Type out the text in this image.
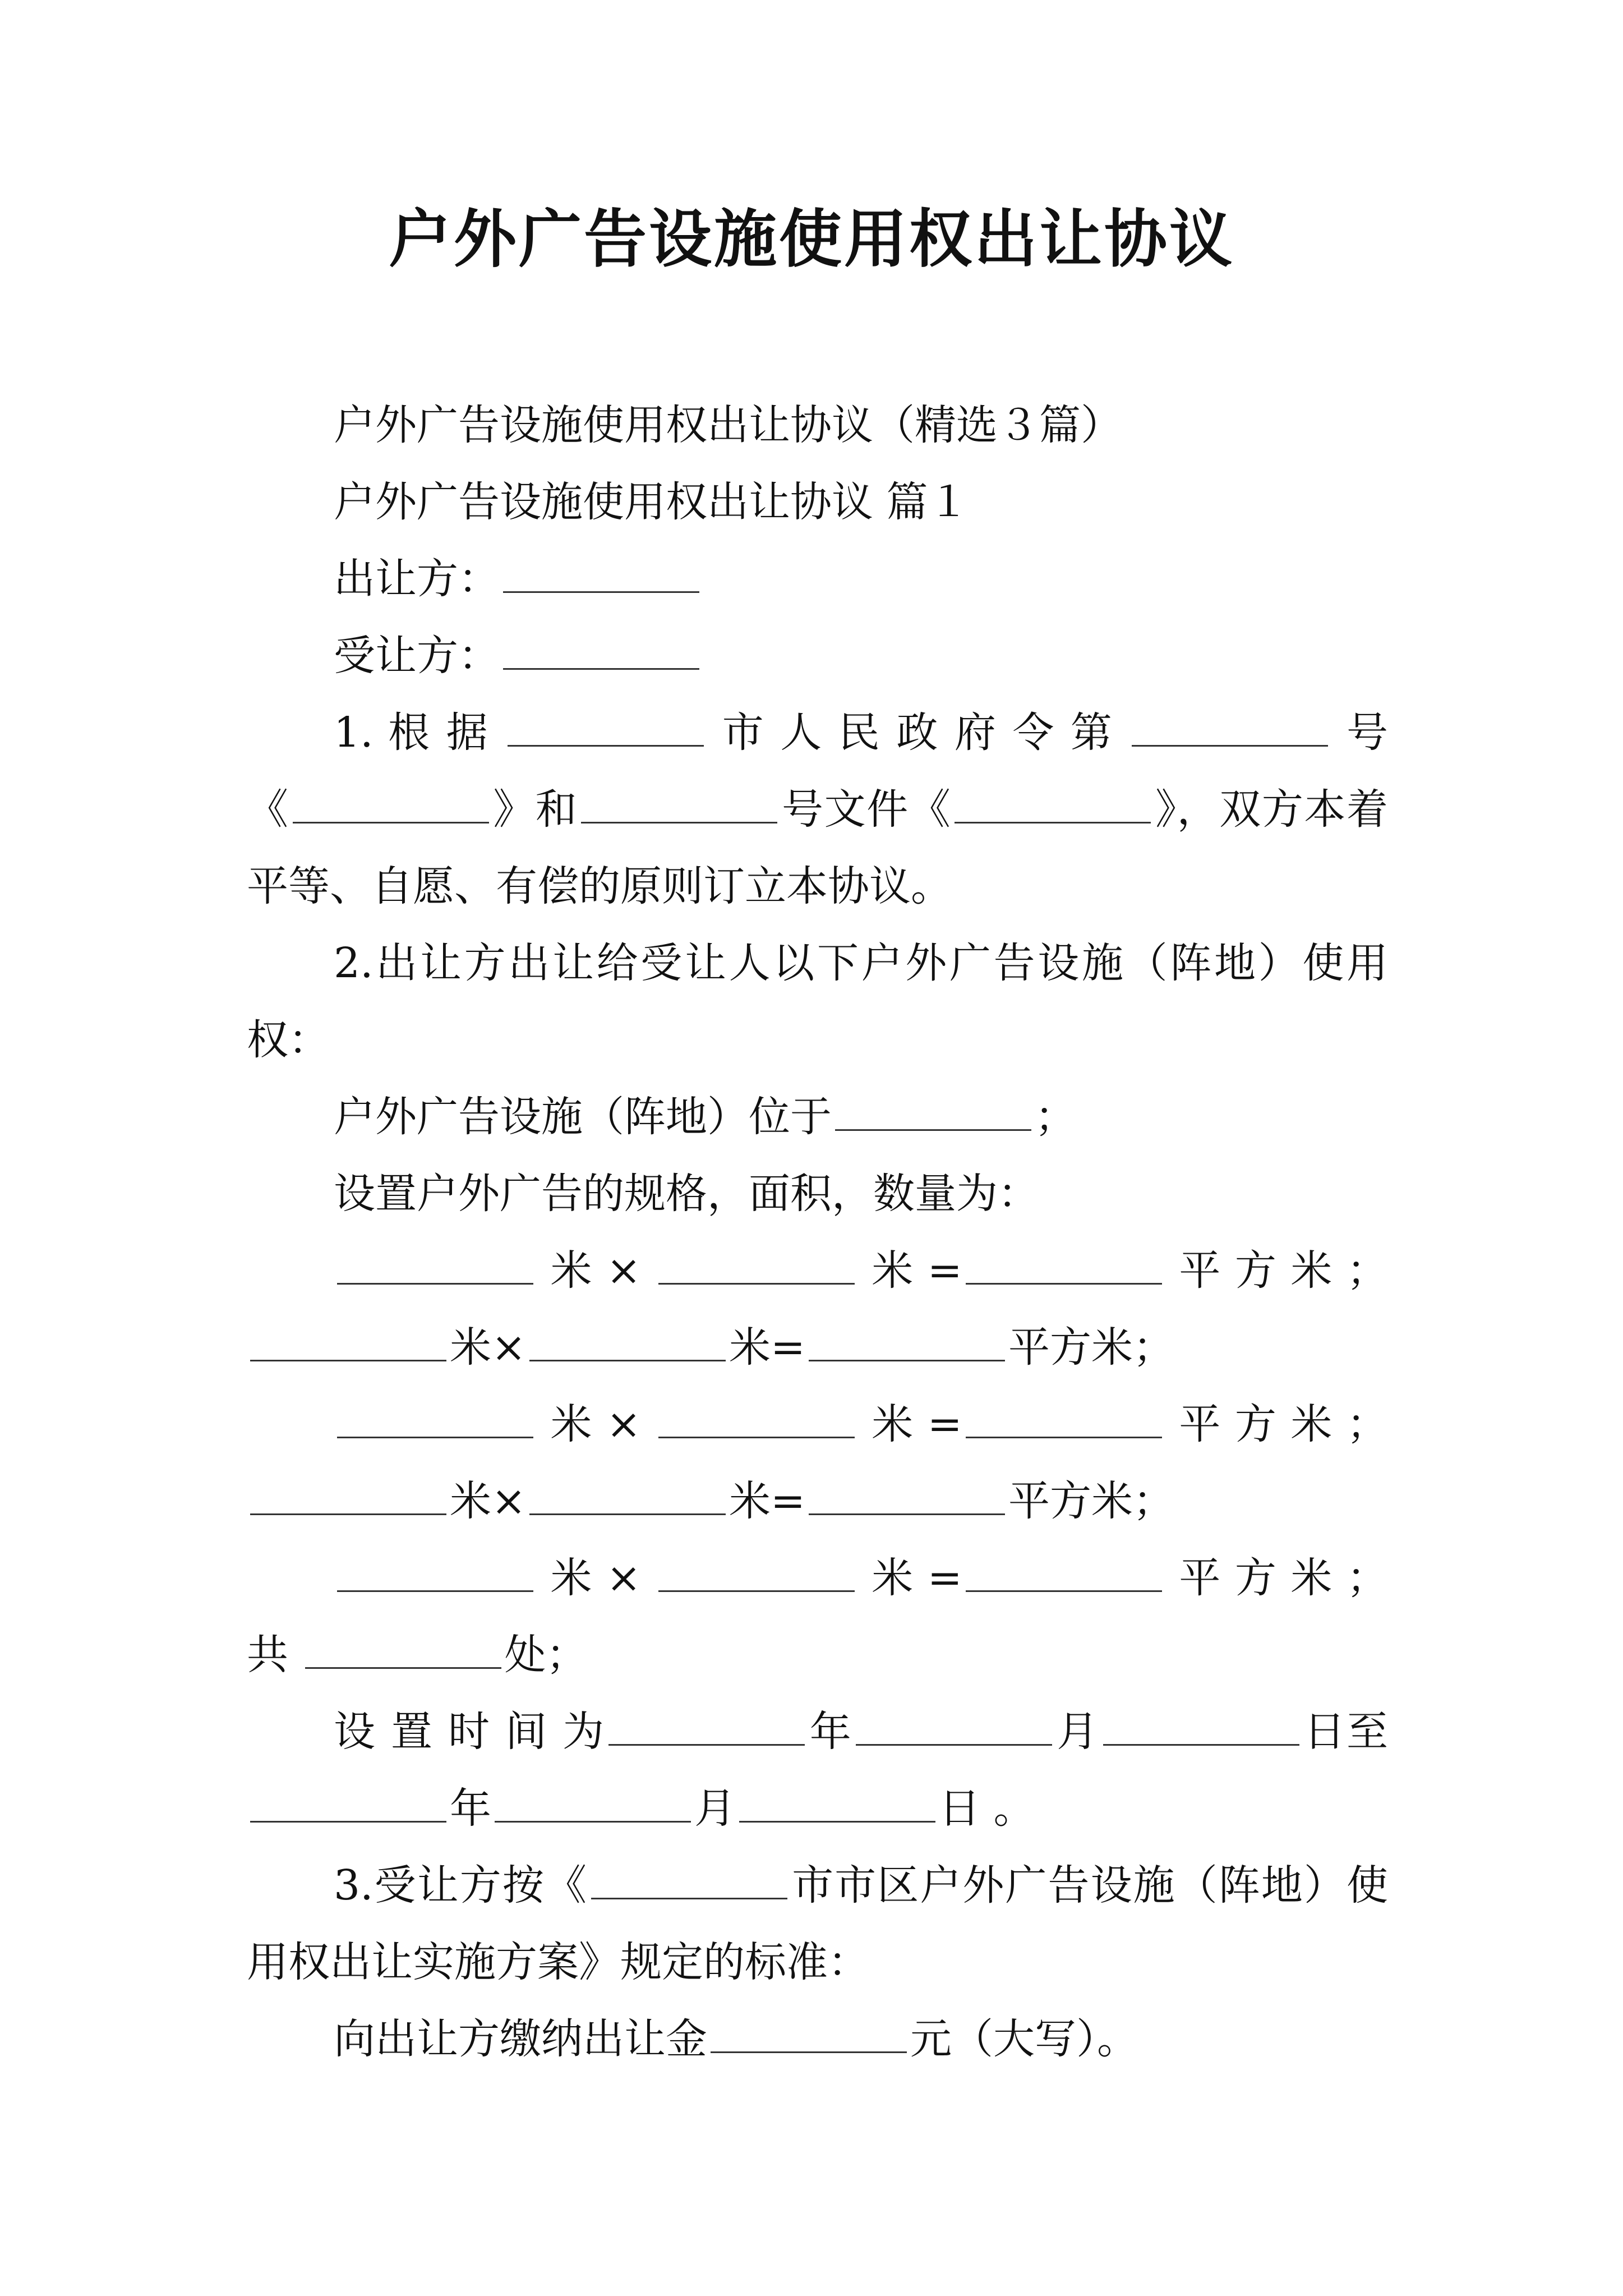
户外广告设施使用权出让协议

户外广告设施使用权出让协议（精选３篇）

户外广告设施使用权出让协议 篇１

出让方：

受让方：

1. 根 据	市 人 民 政 府 令 第	号《	》和	号文件《	》，双方本着平等、自愿、有偿的原则订立本协议。

2.出让方出让给受让人以下户外广告设施（阵地）使用权：

户外广告设施（阵地）位于	；

设置户外广告的规格，面积，数量为：

米 ×	米 =	平 方 米 ；米×	米=	平方米；

米 ×	米 =	平 方 米 ；米×	米=	平方米；

米 ×	米 =	平 方 米 ； 共	处；

设 置 时 间 为	年	月	日至年	月	日 。

3.受让方按《	市市区户外广告设施（阵地）使用权出让实施方案》规定的标准：

向出让方缴纳出让金	元（大写）。
